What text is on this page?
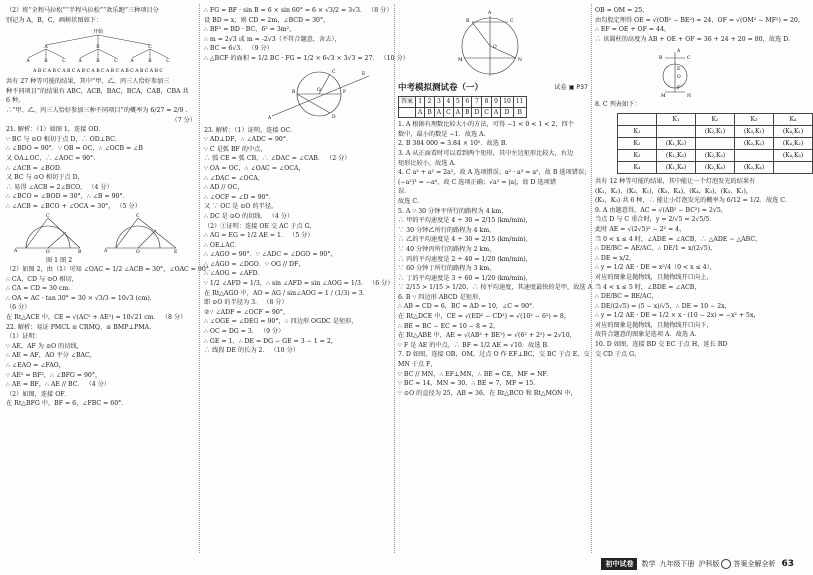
（2）将“全程马拉松”“半程马拉松”“欢乐跑”三种项目分

别记为 A，B，C，画树状图如下：

开始
A	B	C
A	B	C	A	B	C	A	B	C
A B C A B C A B C A B C A B C A B C A B C A B C A B C

共有 27 种等可能的结果，其中“甲、乙、丙三人恰好参加三

种不同项目”的结果有 ABC，ACB，BAC，BCA，CAB，CBA 共

6 种，

∴“甲、乙、丙三人恰好参加三种不同项目”的概率为 6/27 = 2/9 .

（7 分）

21. 解析：（1）如图 1，连接 OD．

∵ BC 与 ⊙O 相切于点 D，∴ OD⊥BC．

∴ ∠BDO = 90°．∵ OB = OC，∴ ∠OCB = ∠B

又 OA⊥OC，∴ ∠AOC = 90°．

∴ ∠ACB = ∠BOD．

又 BC 与 ⊙O 相切于点 D，

∴ 易得 ∠ACB = 2∠BCO， （4 分）

∴ ∠BCO = ∠BOD = 30°，∴ ∠B = 90°．

∴ ∠ACB = ∠BCO + ∠OCA = 30°， （5 分）

C
A	O	B
C
A	O	E

图 1 图 2

（2）如图 2，由（1）可知 ∠OAC = 1/2 ∠ACB = 30°，∠OAC = 90°．

∴ CA，CD 与 ⊙O 相切，

∴ CA = CD = 30 cm．

∴ OA = AC · tan 30° = 30 × √3/3 = 10√3 (cm)．

（6 分）

在 Rt△ACE 中，CE = √(AC² + AE²) = 10√21 cm． （8 分）

22. 解析：易证 PMCL ≌ CRMQ，≌ BMP⊥PMA．

（1）证明：

∵ AE，AF 为 ⊙O 的切线，

∴ AE = AF，AO 平分 ∠BAC，

∴ ∠EAO = ∠FAO，

∵ AE² = BF²，∴ ∠BFG = 90°，

∴ AE = BF，∴ AE // BC． （4 分）

（2）如图，连接 OF．

在 Rt△BFG 中，BF = 6，∠FBC = 60°．

∴ FG = BF · sin B = 6 × sin 60° = 6 × √3/2 = 3√3． （8 分）

设 BD = x，则 CD = 2m，∠BCD = 30°，

∴ BF² = BD · BC，6² = 3m²，

∴ m = 2√3 或 m = -2√3（不符合题意，舍去），

∴ BC = 6√3． （9 分）

∴ △BCF 的面积 = 1/2 BC · FG = 1/2 × 6√3 × 3√3 = 27． （10 分）

A
B	O	F
C
D
E

23. 解析：（1）证明，连接 OC．

∵ AD⊥DF，∴ ∠ADC = 90°．

∵ C 是弧 BF 的中点，

∴ 弧 CE = 弧 CB，∴ ∠DAC = ∠CAB． （2 分）

∵ OA = OC，∴ ∠OAC = ∠OCA，

∴ ∠DAC = ∠OCA，

∴ AD // OC，

∴ ∠OCF = ∠D = 90°．

又 ∵ OC 是 ⊙O 的半径，

∴ DC 是 ⊙O 的切线． （4 分）

（2）①证明：连接 OE 交 AC 于点 G，

∴ AG = EG = 1/2 AE = 1． （5 分）

∴ OE⊥AC．

∴ ∠AGO = 90°．∵ ∠ADC = ∠DGO = 90°，

∴ ∠AGO = ∠DGO．∵ OG // DF，

∴ ∠AOG = ∠AFD．

∵ 1/2 ∠AFD = 1/3，∴ sin ∠AFD = sin ∠AOG = 1/3． （6 分）

在 Rt△AGO 中，AO = AG / sin∠AOG = 1 / (1/3) = 3．

即 ⊙O 的半径为 3． （8 分）

②∵ ∠ADF = ∠OCF = 90°，

∴ ∠OGE = ∠DEG = 90°，∴ 四边形 OGDC 是矩形，

∴ OC = DG = 3． （9 分）

∴ GE = 1，∴ DE = DG − GE = 3 − 1 = 2，

∴ 线段 DE 的长为 2． （10 分）

A
B	C
O
M	N
中考模拟测试卷（一）	试卷 ▣ P37
答案	1	2	3	4	5	6	7	8	9	10	11
	A	B	A	C	A	B	D	C	A	D	B

1. A 根据有理数比较大小的方法，可得 −1 < 0 < 1 < 2，四个

数中，最小的数是 −1．故选 A．

2. B 384 000 = 3.84 × 10⁵．故选 B．

3. A 从正面看时可以看到两个矩形，其中左边矩形比较大，右边

矩形比较小，故选 A．

4. C a² + a² = 2a²，故 A 选项错误；a² · a³ = a⁵，故 B 选项错误；

(−a²)³ = −a⁶，故 C 选项正确；√a² = |a|，故 D 选项错

误．

故选 C．

5. A ∵ 30 分钟平所行的路程为 4 km，

∴ 甲的平均速度是 4 ÷ 30 = 2/15 (km/min)，

∵ 30 分钟乙所行的路程为 4 km，

∴ 乙的平均速度是 4 ÷ 30 = 2/15 (km/min)，

∵ 40 分钟丙所行的路程为 2 km，

∴ 丙的平均速度是 2 ÷ 40 = 1/20 (km/min)，

∵ 60 分钟丁所行的路程为 3 km，

∴ 丁的平均速度是 3 ÷ 60 = 1/20 (km/min)，

∵ 2/15 > 1/15 > 1/20，∴ 按平均速度，其速度最快的是甲，故选 A．

6. B ∵ 四边形 ABCD 是矩形，

∴ AB = CD = 6，BC = AD = 10，∠C = 90°．

在 Rt△DCE 中，CE = √(ED² − CD²) = √(10² − 6²) = 8，

∴ BE = BC − EC = 10 − 8 = 2，

在 Rt△ABE 中，AE = √(AB² + BE²) = √(6² + 2²) = 2√10，

∵ F 是 AE 的中点，∴ BF = 1/2 AE = √10．故选 B．

7. D 如图，连接 OB，OM，过点 O 作 EF⊥BC，交 BC 于点 E，交

MN 于点 F，

∵ BC // MN，∴ EF⊥MN，∴ BE = CE，MF = NF．

∵ BC = 14，MN = 30，∴ BE = 7，MF = 15．

∵ ⊙O 的直径为 25，AB = 36，在 Rt△BCO 和 Rt△MON 中，

OB = OM = 25，

由勾股定理得 OE = √(OB² − BE²) = 24，OF = √(OM² − MF²) = 20，

∴ EF = OE + OF = 44，

∴ 该圆柱的高度为 AB + OE + OF = 36 + 24 + 20 = 80，故选 D．

A
B	C
O
E
F
M	N

8. C 列表如下：

	K₁	K₂	K₃	K₄
K₁		(K₂,K₁)	(K₃,K₁)	(K₄,K₁)
K₂	(K₁,K₂)		(K₃,K₂)	(K₄,K₂)
K₃	(K₁,K₃)	(K₂,K₃)		(K₄,K₃)
K₄	(K₁,K₄)	(K₂,K₄)	(K₃,K₄)	

共有 12 种等可能的结果，其中能让一个灯泡发光的结果有

(K₁，K₂)，(K₂，K₁)，(K₃，K₄)，(K₄，K₃)，(K₃，K₁)，

(K₁，K₃) 共 6 种，∴ 能让小灯泡发光的概率为 6/12 = 1/2．故选 C．

9. A 由题意得，AC = √(AB² − BC²) = 2√5，

当点 D 与 C 重合时，y = 2/√5 = 2√5/5．

此时 AE = √(2√5)² − 2² = 4，

当 0 < x ≤ 4 时，∠ADE = ∠ACB，∴ △ADE ∽ △ABC，

∴ DE/BC = AE/AC，∴ DE/1 = x/(2√5)，

∴ DE = x/2，

∴ y = 1/2 AE · DE = x²/4（0 < x ≤ 4），

对应的图象是抛物线，且抛物线开口向上，

当 4 < x ≤ 5 时，∠BDE = ∠ACB，

∴ DE/BC = BE/AC，

∴ DE/(2√5) = (5 − x)/√5，∴ DE = 10 − 2x，

∴ y = 1/2 AE · DE = 1/2 × x · (10 − 2x) = −x² + 5x，

对应的图象是抛物线，且抛物线开口向下，

故符合题意的图象是选项 A．故选 A．

10. D 如图，连接 BD 交 EC 于点 H，延长 BD

交 CD 于点 G，

初中试卷	数学 九年级下册 沪科版 答案全解全析 63
